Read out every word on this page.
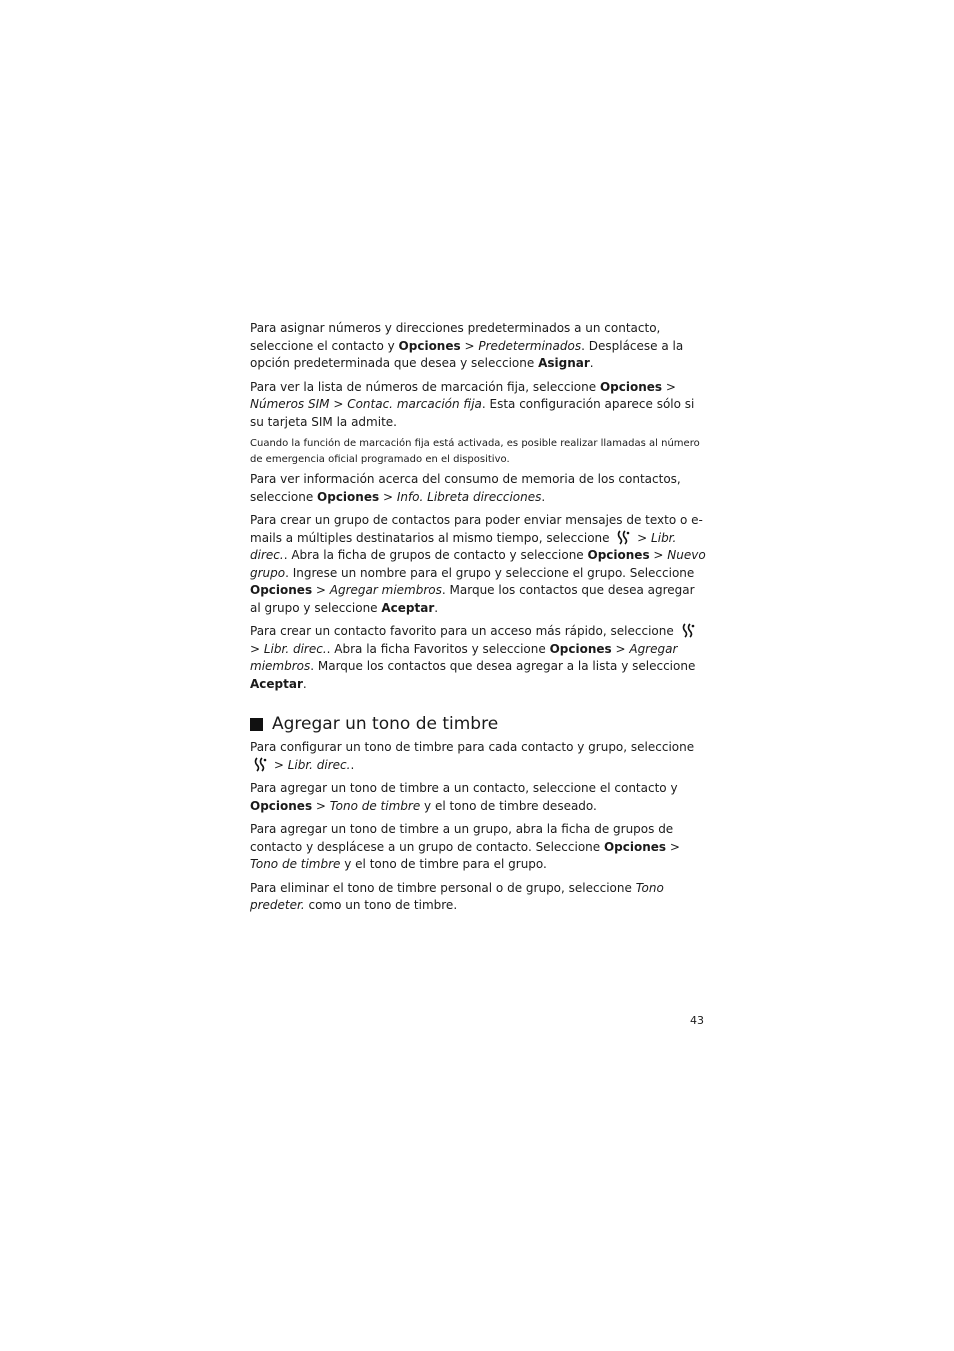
Para asignar números y direcciones predeterminados a un contacto, seleccione el contacto y Opciones > Predeterminados. Desplácese a la opción predeterminada que desea y seleccione Asignar.

Para ver la lista de números de marcación fija, seleccione Opciones > Números SIM > Contac. marcación fija. Esta configuración aparece sólo si su tarjeta SIM la admite.

Cuando la función de marcación fija está activada, es posible realizar llamadas al número de emergencia oficial programado en el dispositivo.

Para ver información acerca del consumo de memoria de los contactos, seleccione Opciones > Info. Libreta direcciones.

Para crear un grupo de contactos para poder enviar mensajes de texto o e-mails a múltiples destinatarios al mismo tiempo, seleccione  > Libr. direc.. Abra la ficha de grupos de contacto y seleccione Opciones > Nuevo grupo. Ingrese un nombre para el grupo y seleccione el grupo. Seleccione Opciones > Agregar miembros. Marque los contactos que desea agregar al grupo y seleccione Aceptar.

Para crear un contacto favorito para un acceso más rápido, seleccione  > Libr. direc.. Abra la ficha Favoritos y seleccione Opciones > Agregar miembros. Marque los contactos que desea agregar a la lista y seleccione Aceptar.

Agregar un tono de timbre

Para configurar un tono de timbre para cada contacto y grupo, seleccione  > Libr. direc..

Para agregar un tono de timbre a un contacto, seleccione el contacto y Opciones > Tono de timbre y el tono de timbre deseado.

Para agregar un tono de timbre a un grupo, abra la ficha de grupos de contacto y desplácese a un grupo de contacto. Seleccione Opciones > Tono de timbre y el tono de timbre para el grupo.

Para eliminar el tono de timbre personal o de grupo, seleccione Tono predeter. como un tono de timbre.

43
